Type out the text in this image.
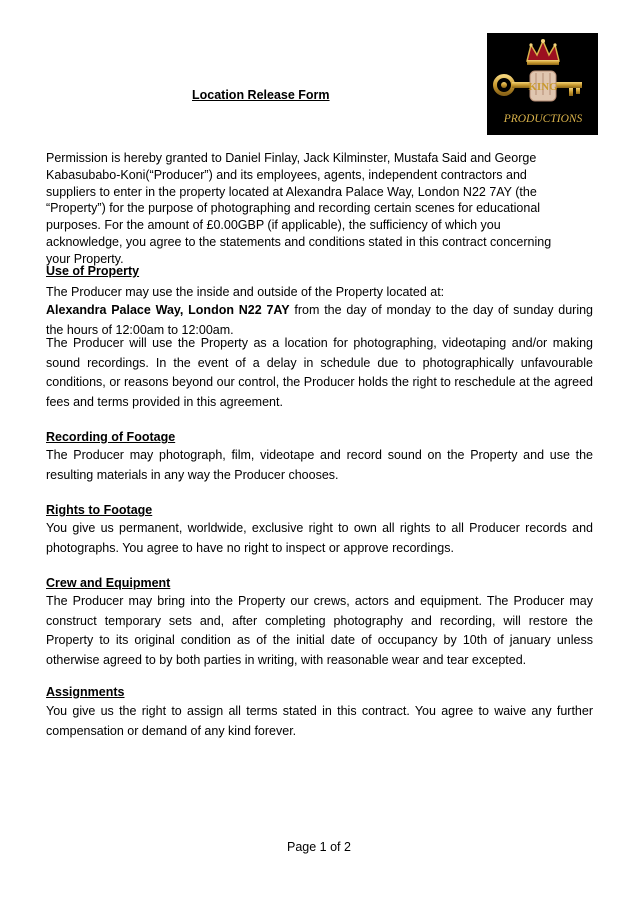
KING
PRODUCTIONS
Location Release Form
Permission is hereby granted to Daniel Finlay, Jack Kilminster, Mustafa Said and George Kabasubabo-Koni(“Producer”) and its employees, agents, independent contractors and suppliers to enter in the property located at Alexandra Palace Way, London N22 7AY (the “Property”) for the purpose of photographing and recording certain scenes for educational purposes. For the amount of £0.00GBP (if applicable), the sufficiency of which you acknowledge, you agree to the statements and conditions stated in this contract concerning your Property.
Use of Property
The Producer may use the inside and outside of the Property located at:
Alexandra Palace Way, London N22 7AY from the day of monday to the day of sunday during the hours of 12:00am to 12:00am.
The Producer will use the Property as a location for photographing, videotaping and/or making sound recordings. In the event of a delay in schedule due to photographically unfavourable conditions, or reasons beyond our control, the Producer holds the right to reschedule at the agreed fees and terms provided in this agreement.
Recording of Footage
The Producer may photograph, film, videotape and record sound on the Property and use the resulting materials in any way the Producer chooses.
Rights to Footage
You give us permanent, worldwide, exclusive right to own all rights to all Producer records and photographs. You agree to have no right to inspect or approve recordings.
Crew and Equipment
The Producer may bring into the Property our crews, actors and equipment. The Producer may construct temporary sets and, after completing photography and recording, will restore the Property to its original condition as of the initial date of occupancy by 10th of january unless otherwise agreed to by both parties in writing, with reasonable wear and tear excepted.
Assignments
You give us the right to assign all terms stated in this contract. You agree to waive any further compensation or demand of any kind forever.
Page 1 of 2
